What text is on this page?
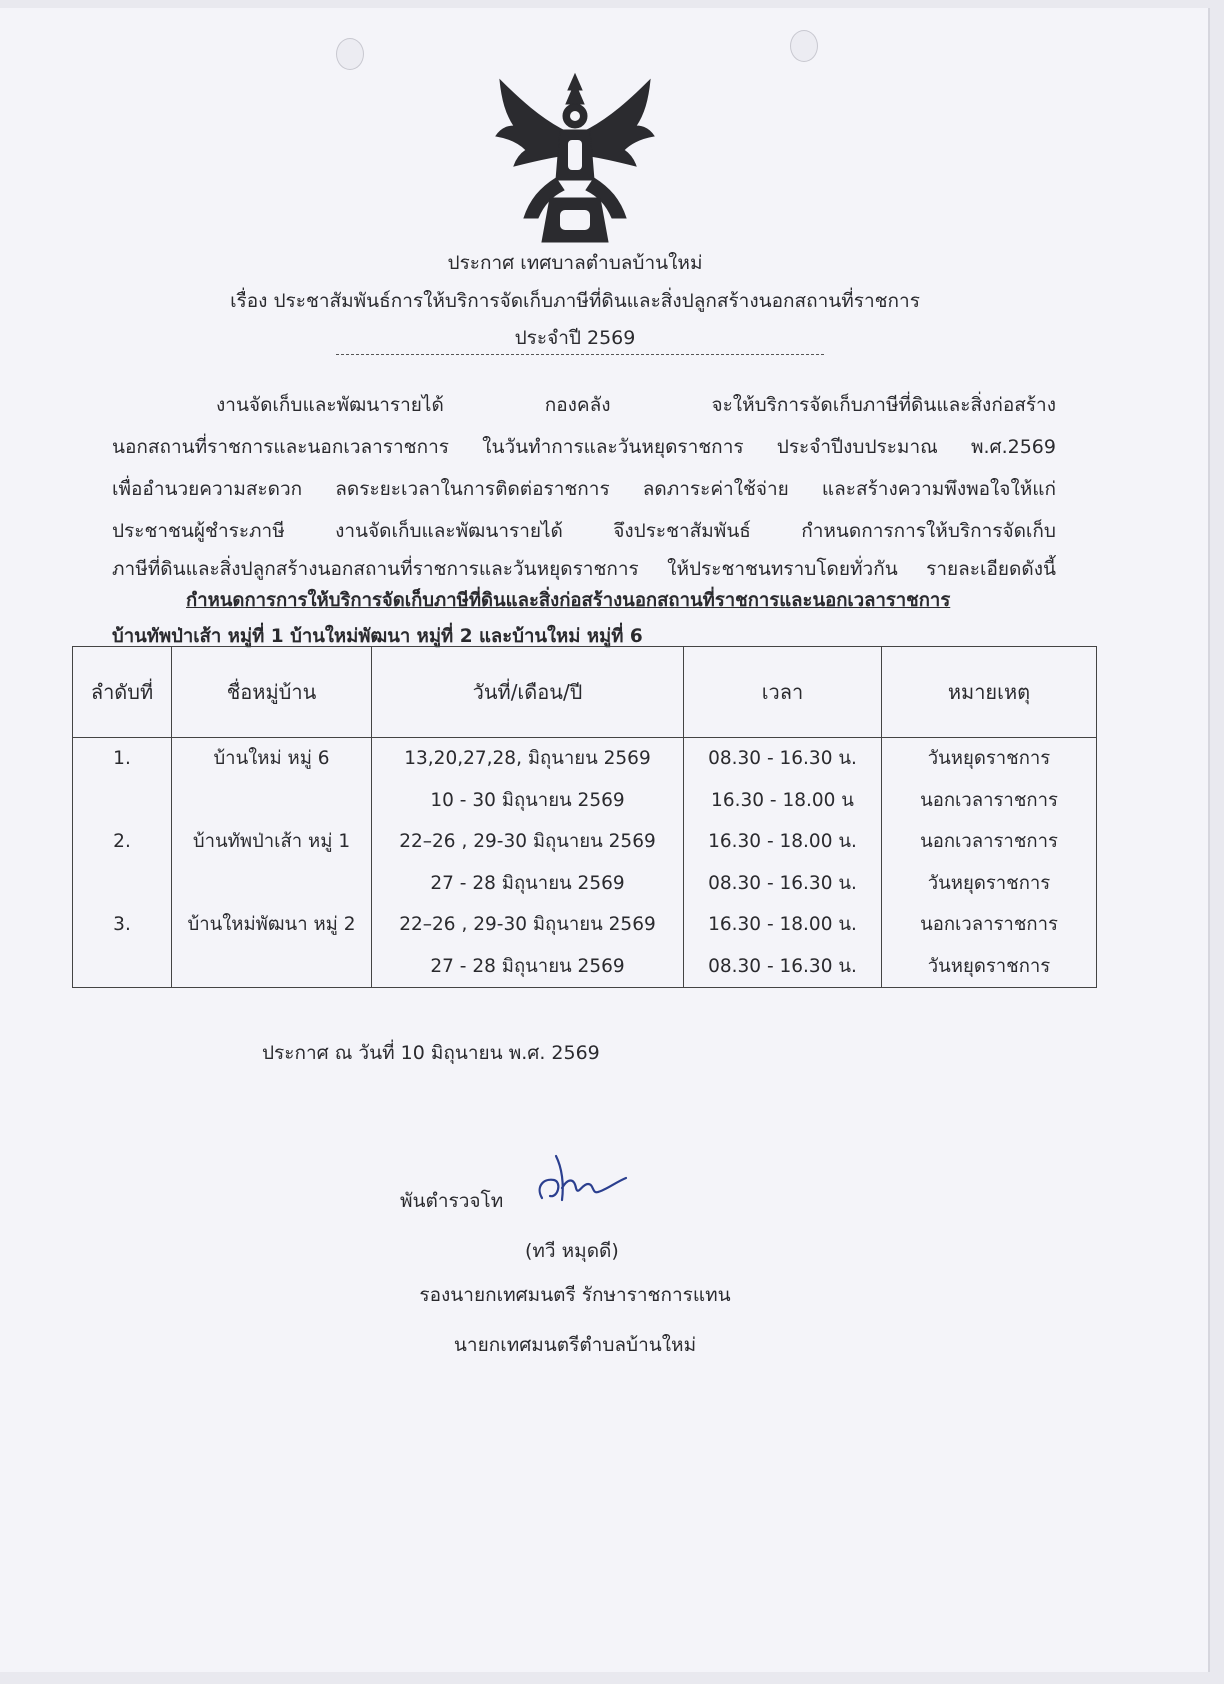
ประกาศ เทศบาลตำบลบ้านใหม่
เรื่อง ประชาสัมพันธ์การให้บริการจัดเก็บภาษีที่ดินและสิ่งปลูกสร้างนอกสถานที่ราชการ
ประจำปี 2569
งานจัดเก็บและพัฒนารายได้ กองคลัง จะให้บริการจัดเก็บภาษีที่ดินและสิ่งก่อสร้าง
นอกสถานที่ราชการและนอกเวลาราชการ ในวันทำการและวันหยุดราชการ ประจำปีงบประมาณ พ.ศ.2569
เพื่ออำนวยความสะดวก ลดระยะเวลาในการติดต่อราชการ ลดภาระค่าใช้จ่าย และสร้างความพึงพอใจให้แก่
ประชาชนผู้ชำระภาษี งานจัดเก็บและพัฒนารายได้ จึงประชาสัมพันธ์ กำหนดการการให้บริการจัดเก็บ
ภาษีที่ดินและสิ่งปลูกสร้างนอกสถานที่ราชการและวันหยุดราชการ ให้ประชาชนทราบโดยทั่วกัน รายละเอียดดังนี้
กำหนดการการให้บริการจัดเก็บภาษีที่ดินและสิ่งก่อสร้างนอกสถานที่ราชการและนอกเวลาราชการ
บ้านทัพป่าเส้า หมู่ที่ 1 บ้านใหม่พัฒนา หมู่ที่ 2 และบ้านใหม่ หมู่ที่ 6
ลำดับที่	ชื่อหมู่บ้าน	วันที่/เดือน/ปี	เวลา	หมายเหตุ
1.	บ้านใหม่ หมู่ 6	13,20,27,28, มิถุนายน 2569	08.30 - 16.30 น.	วันหยุดราชการ
		10 - 30 มิถุนายน 2569	16.30 - 18.00 น	นอกเวลาราชการ
2.	บ้านทัพป่าเส้า หมู่ 1	22–26 , 29-30 มิถุนายน 2569	16.30 - 18.00 น.	นอกเวลาราชการ
		27 - 28 มิถุนายน 2569	08.30 - 16.30 น.	วันหยุดราชการ
3.	บ้านใหม่พัฒนา หมู่ 2	22–26 , 29-30 มิถุนายน 2569	16.30 - 18.00 น.	นอกเวลาราชการ
		27 - 28 มิถุนายน 2569	08.30 - 16.30 น.	วันหยุดราชการ
ประกาศ ณ วันที่ 10 มิถุนายน พ.ศ. 2569
พันตำรวจโท
(ทวี หมุดดี)
รองนายกเทศมนตรี รักษาราชการแทน
นายกเทศมนตรีตำบลบ้านใหม่
